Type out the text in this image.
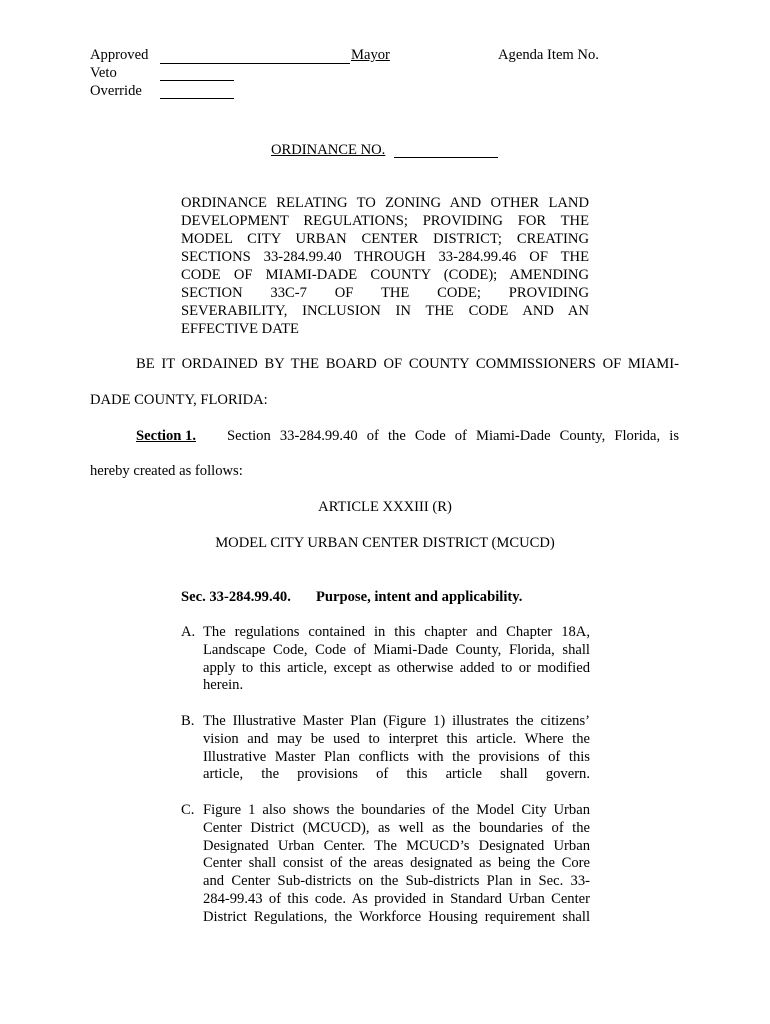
Approved	Mayor	Agenda Item No.
Veto
Override
ORDINANCE NO.
ORDINANCE RELATING TO ZONING AND OTHER LAND
DEVELOPMENT REGULATIONS; PROVIDING FOR THE
MODEL CITY URBAN CENTER DISTRICT; CREATING
SECTIONS 33-284.99.40 THROUGH 33-284.99.46 OF THE
CODE OF MIAMI-DADE COUNTY (CODE); AMENDING
SECTION 33C-7 OF THE CODE; PROVIDING
SEVERABILITY, INCLUSION IN THE CODE AND AN
EFFECTIVE DATE
BE IT ORDAINED BY THE BOARD OF COUNTY COMMISSIONERS OF MIAMI-
DADE COUNTY, FLORIDA:
Section 1. Section 33-284.99.40 of the Code of Miami-Dade County, Florida, is
hereby created as follows:
ARTICLE XXXIII (R)
MODEL CITY URBAN CENTER DISTRICT (MCUCD)
Sec. 33-284.99.40. Purpose, intent and applicability.
A. The regulations contained in this chapter and Chapter 18A,
Landscape Code, Code of Miami-Dade County, Florida, shall
apply to this article, except as otherwise added to or modified
herein.
B. The Illustrative Master Plan (Figure 1) illustrates the citizens’
vision and may be used to interpret this article. Where the
Illustrative Master Plan conflicts with the provisions of this
article, the provisions of this article shall govern.
C. Figure 1 also shows the boundaries of the Model City Urban
Center District (MCUCD), as well as the boundaries of the
Designated Urban Center. The MCUCD’s Designated Urban
Center shall consist of the areas designated as being the Core
and Center Sub-districts on the Sub-districts Plan in Sec. 33-
284-99.43 of this code. As provided in Standard Urban Center
District Regulations, the Workforce Housing requirement shall
